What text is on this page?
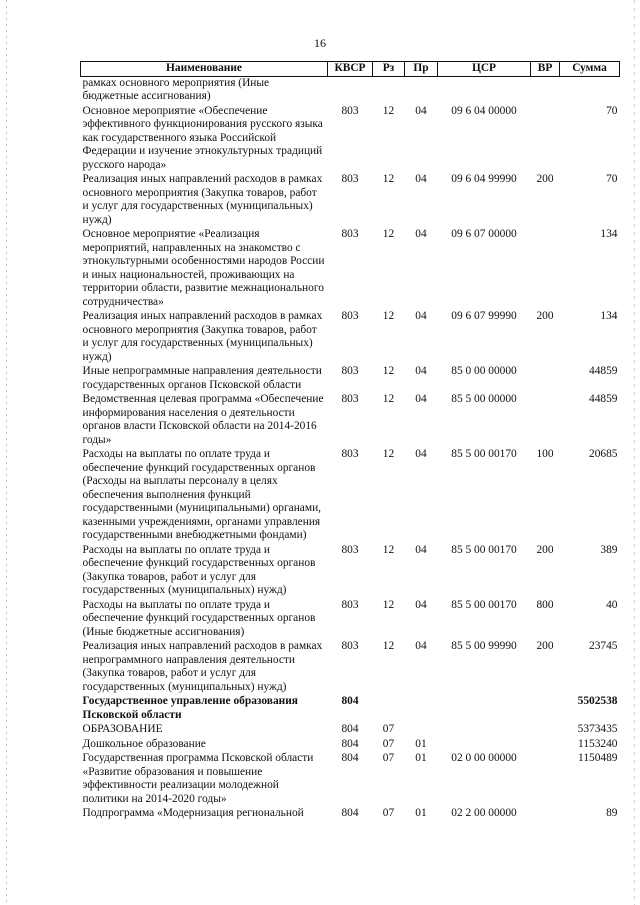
16
Наименование	КВСР	Рз	Пр	ЦСР	ВР	Сумма
рамках основного мероприятия (Иные бюджетные ассигнования)						
Основное мероприятие «Обеспечение эффективного функционирования русского языка как государственного языка Российской Федерации и изучение этнокультурных традиций русского народа»	803	12	04	09 6 04 00000		70
Реализация иных направлений расходов в рамках основного мероприятия (Закупка товаров, работ и услуг для государственных (муниципальных) нужд)	803	12	04	09 6 04 99990	200	70
Основное мероприятие «Реализация мероприятий, направленных на знакомство с этнокультурными особенностями народов России и иных национальностей, проживающих на территории области, развитие межнационального сотрудничества»	803	12	04	09 6 07 00000		134
Реализация иных направлений расходов в рамках основного мероприятия (Закупка товаров, работ и услуг для государственных (муниципальных) нужд)	803	12	04	09 6 07 99990	200	134
Иные непрограммные направления деятельности государственных органов Псковской области	803	12	04	85 0 00 00000		44859
Ведомственная целевая программа «Обеспечение информирования населения о деятельности органов власти Псковской области на 2014-2016 годы»	803	12	04	85 5 00 00000		44859
Расходы на выплаты по оплате труда и обеспечение функций государственных органов (Расходы на выплаты персоналу в целях обеспечения выполнения функций государственными (муниципальными) органами, казенными учреждениями, органами управления государственными внебюджетными фондами)	803	12	04	85 5 00 00170	100	20685
Расходы на выплаты по оплате труда и обеспечение функций государственных органов (Закупка товаров, работ и услуг для государственных (муниципальных) нужд)	803	12	04	85 5 00 00170	200	389
Расходы на выплаты по оплате труда и обеспечение функций государственных органов (Иные бюджетные ассигнования)	803	12	04	85 5 00 00170	800	40
Реализация иных направлений расходов в рамках непрограммного направления деятельности (Закупка товаров, работ и услуг для государственных (муниципальных) нужд)	803	12	04	85 5 00 99990	200	23745
Государственное управление образования Псковской области	804					5502538
ОБРАЗОВАНИЕ	804	07				5373435
Дошкольное образование	804	07	01			1153240
Государственная программа Псковской области «Развитие образования и повышение эффективности реализации молодежной политики на 2014-2020 годы»	804	07	01	02 0 00 00000		1150489
Подпрограмма «Модернизация региональной	804	07	01	02 2 00 00000		89
